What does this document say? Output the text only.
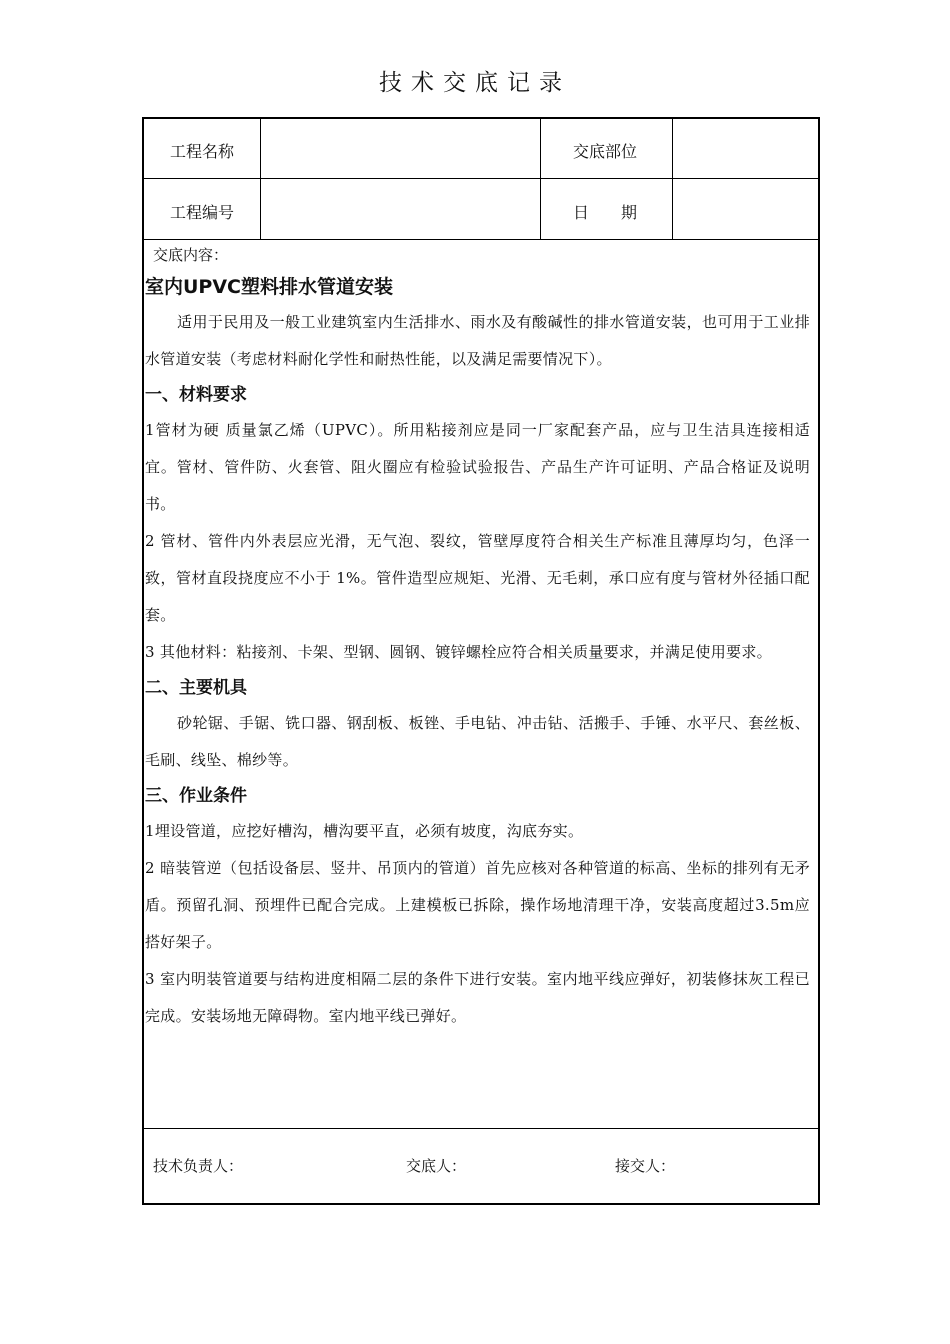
技术交底记录
工程名称	交底部位
工程编号	日　　期
交底内容：
室内UPVC塑料排水管道安装

适用于民用及一般工业建筑室内生活排水、雨水及有酸碱性的排水管道安装，也可用于工业排水管道安装（考虑材料耐化学性和耐热性能，以及满足需要情况下）。

一、材料要求

1管材为硬 质量氯乙烯（UPVC）。所用粘接剂应是同一厂家配套产品，应与卫生洁具连接相适宜。管材、管件防、火套管、阻火圈应有检验试验报告、产品生产许可证明、产品合格证及说明书。

2 管材、管件内外表层应光滑，无气泡、裂纹，管壁厚度符合相关生产标准且薄厚均匀，色泽一致，管材直段挠度应不小于 1%。管件造型应规矩、光滑、无毛刺，承口应有度与管材外径插口配套。

3 其他材料：粘接剂、卡架、型钢、圆钢、镀锌螺栓应符合相关质量要求，并满足使用要求。

二、主要机具

砂轮锯、手锯、铣口器、钢刮板、板锉、手电钻、冲击钻、活搬手、手锤、水平尺、套丝板、毛刷、线坠、棉纱等。

三、作业条件

1埋设管道，应挖好槽沟，槽沟要平直，必须有坡度，沟底夯实。

2 暗装管逆（包括设备层、竖井、吊顶内的管道）首先应核对各种管道的标高、坐标的排列有无矛盾。预留孔洞、预埋件已配合完成。上建模板已拆除，操作场地清理干净，安装高度超过3.5m应搭好架子。

3 室内明装管道要与结构进度相隔二层的条件下进行安装。室内地平线应弹好，初装修抹灰工程已完成。安装场地无障碍物。室内地平线已弹好。

技术负责人：	交底人：	接交人：
